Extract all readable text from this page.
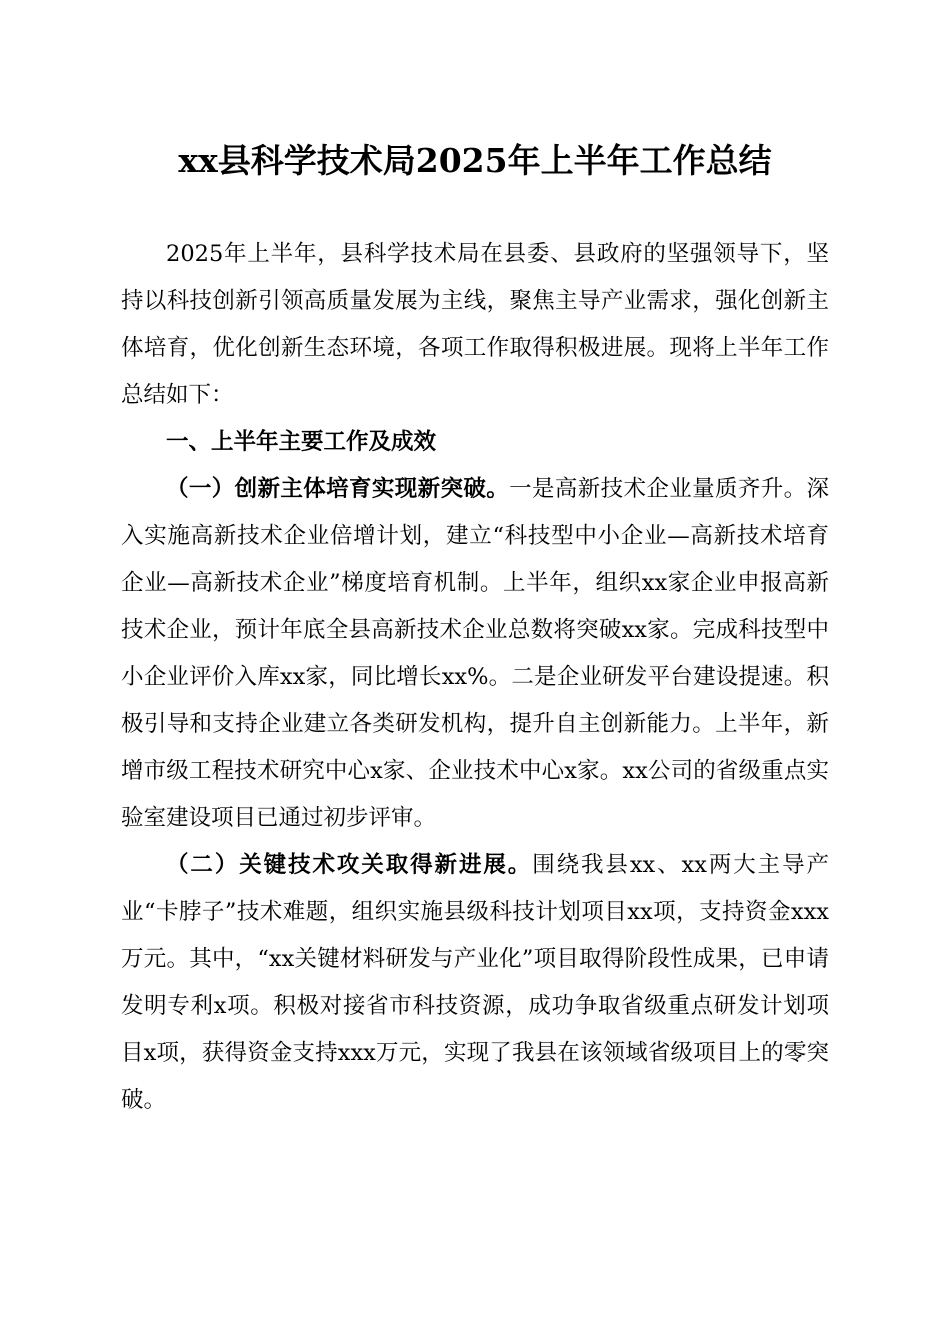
xx县科学技术局2025年上半年工作总结

2025年上半年，县科学技术局在县委、县政府的坚强领导下，坚持以科技创新引领高质量发展为主线，聚焦主导产业需求，强化创新主体培育，优化创新生态环境，各项工作取得积极进展。现将上半年工作总结如下：

一、上半年主要工作及成效

（一）创新主体培育实现新突破。一是高新技术企业量质齐升。深入实施高新技术企业倍增计划，建立“科技型中小企业—高新技术培育企业—高新技术企业”梯度培育机制。上半年，组织xx家企业申报高新技术企业，预计年底全县高新技术企业总数将突破xx家。完成科技型中小企业评价入库xx家，同比增长xx%。二是企业研发平台建设提速。积极引导和支持企业建立各类研发机构，提升自主创新能力。上半年，新增市级工程技术研究中心x家、企业技术中心x家。xx公司的省级重点实验室建设项目已通过初步评审。

（二）关键技术攻关取得新进展。围绕我县xx、xx两大主导产业“卡脖子”技术难题，组织实施县级科技计划项目xx项，支持资金xxx万元。其中，“xx关键材料研发与产业化”项目取得阶段性成果，已申请发明专利x项。积极对接省市科技资源，成功争取省级重点研发计划项目x项，获得资金支持xxx万元，实现了我县在该领域省级项目上的零突破。
